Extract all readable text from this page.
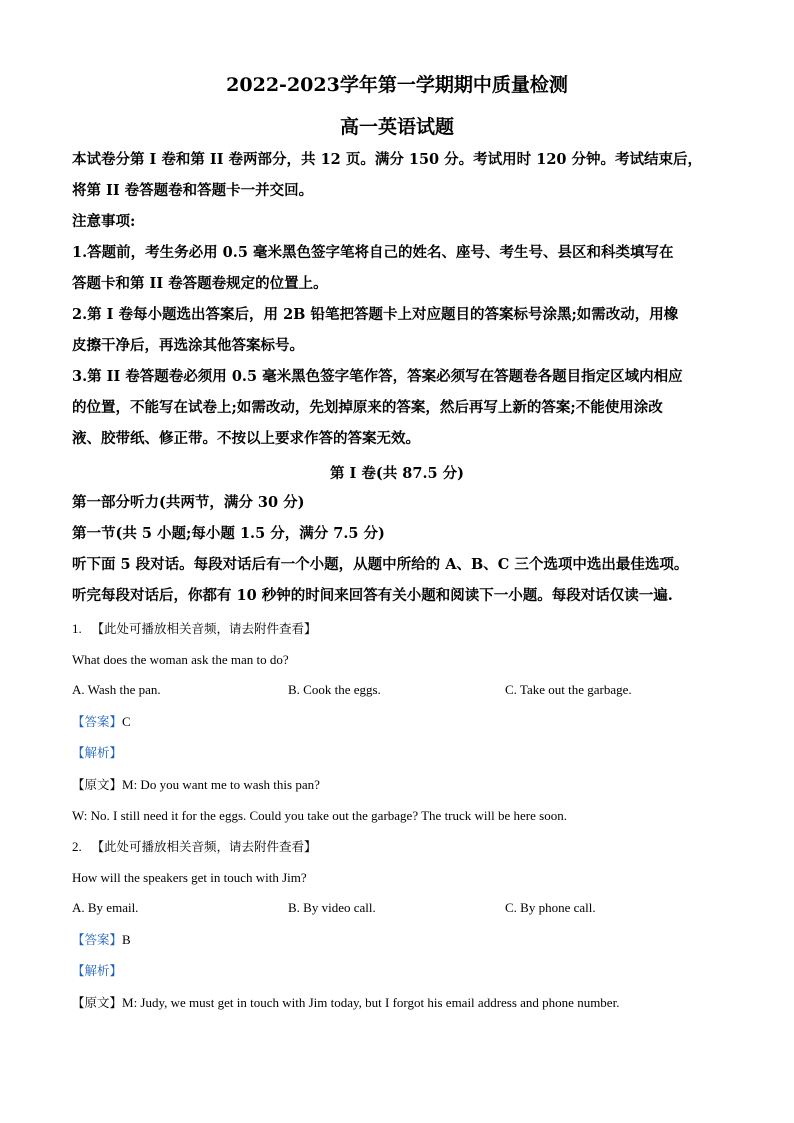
2022-2023学年第一学期期中质量检测
高一英语试题
本试卷分第 I 卷和第 II 卷两部分，共 12 页。满分 150 分。考试用时 120 分钟。考试结束后，
将第 II 卷答题卷和答题卡一并交回。
注意事项:
1.答题前，考生务必用 0.5 毫米黑色签字笔将自己的姓名、座号、考生号、县区和科类填写在
答题卡和第 II 卷答题卷规定的位置上。
2.第 I 卷每小题选出答案后，用 2B 铅笔把答题卡上对应题目的答案标号涂黑;如需改动，用橡
皮擦干净后，再选涂其他答案标号。
3.第 II 卷答题卷必须用 0.5 毫米黑色签字笔作答，答案必须写在答题卷各题目指定区域内相应
的位置，不能写在试卷上;如需改动，先划掉原来的答案，然后再写上新的答案;不能使用涂改
液、胶带纸、修正带。不按以上要求作答的答案无效。
第 I 卷(共 87.5 分)
第一部分听力(共两节，满分 30 分)
第一节(共 5 小题;每小题 1.5 分，满分 7.5 分)
听下面 5 段对话。每段对话后有一个小题，从题中所给的 A、B、C 三个选项中选出最佳选项。
听完每段对话后，你都有 10 秒钟的时间来回答有关小题和阅读下一小题。每段对话仅读一遍.
1. 【此处可播放相关音频，请去附件查看】
What does the woman ask the man to do?
A. Wash the pan.	B. Cook the eggs.	C. Take out the garbage.
【答案】C
【解析】
【原文】M: Do you want me to wash this pan?
W: No. I still need it for the eggs. Could you take out the garbage? The truck will be here soon.
2. 【此处可播放相关音频，请去附件查看】
How will the speakers get in touch with Jim?
A. By email.	B. By video call.	C. By phone call.
【答案】B
【解析】
【原文】M: Judy, we must get in touch with Jim today, but I forgot his email address and phone number.
